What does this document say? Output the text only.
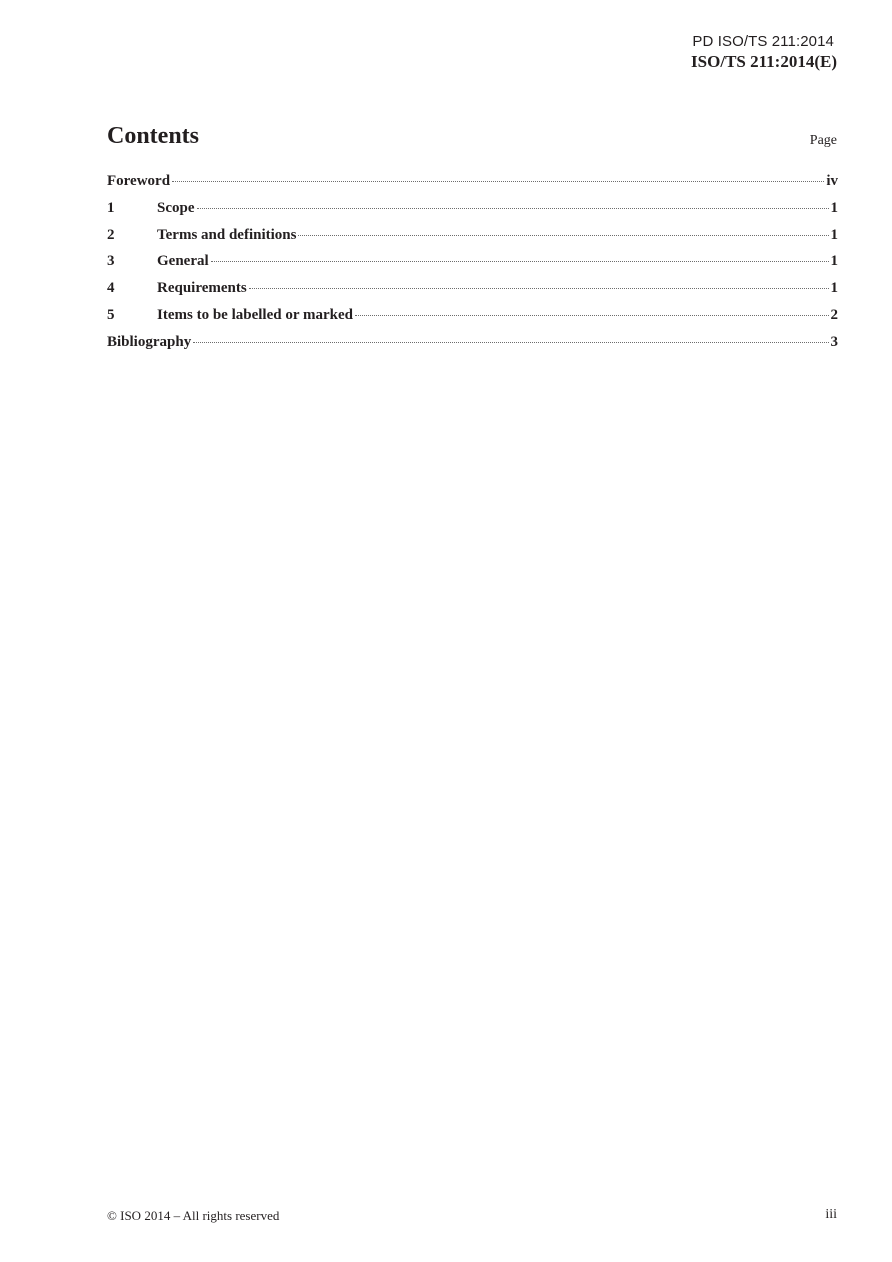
PD ISO/TS 211:2014
ISO/TS 211:2014(E)
Contents	Page
Foreword	iv
1	Scope	1
2	Terms and definitions	1
3	General	1
4	Requirements	1
5	Items to be labelled or marked	2
Bibliography	3
© ISO 2014 – All rights reserved	iii
